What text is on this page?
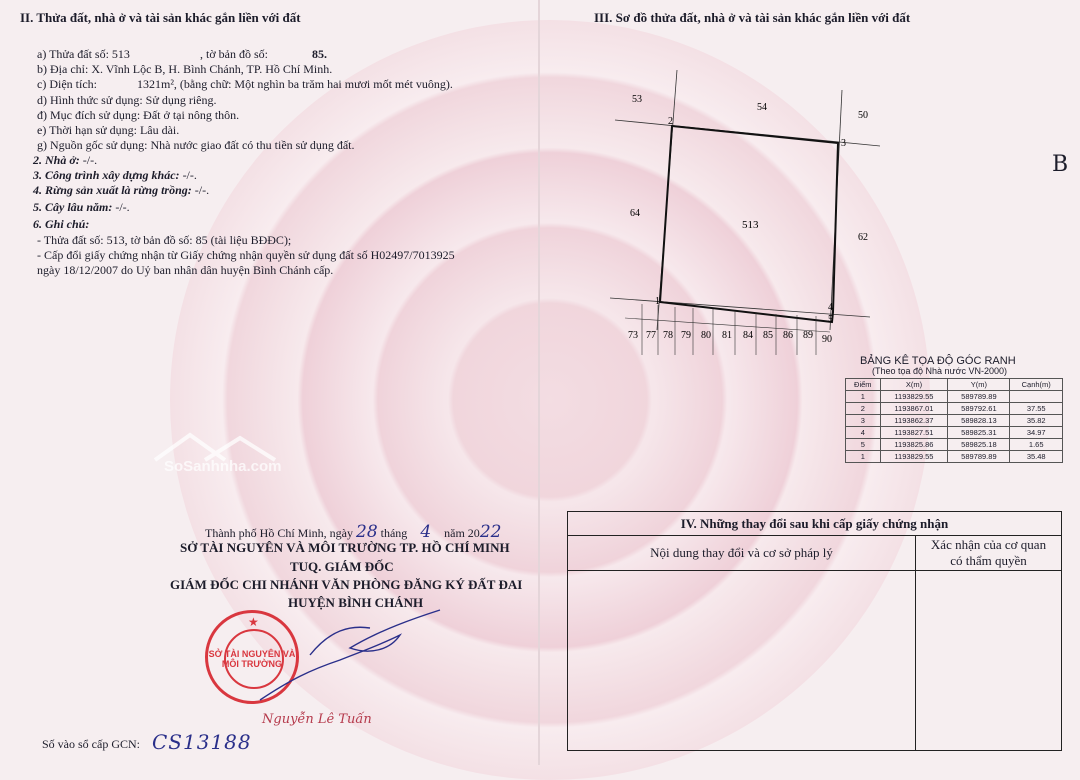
II. Thửa đất, nhà ở và tài sản khác gắn liền với đất
a) Thửa đất số: 513	, tờ bản đồ số:	85.
b) Địa chỉ: X. Vĩnh Lộc B, H. Bình Chánh, TP. Hồ Chí Minh.
c) Diện tích:	1321m², (bằng chữ: Một nghìn ba trăm hai mươi mốt mét vuông).
d) Hình thức sử dụng: Sử dụng riêng.
đ) Mục đích sử dụng: Đất ở tại nông thôn.
e) Thời hạn sử dụng: Lâu dài.
g) Nguồn gốc sử dụng: Nhà nước giao đất có thu tiền sử dụng đất.
2. Nhà ở: -/-.
3. Công trình xây dựng khác: -/-.
4. Rừng sản xuất là rừng trồng: -/-.
5. Cây lâu năm: -/-.
6. Ghi chú:
- Thửa đất số: 513, tờ bản đồ số: 85 (tài liệu BĐĐC);
- Cấp đổi giấy chứng nhận từ Giấy chứng nhận quyền sử dụng đất số H02497/7013925
ngày 18/12/2007 do Uỷ ban nhân dân huyện Bình Chánh cấp.
SoSanhnha.com
Thành phố Hồ Chí Minh, ngày 28 tháng 4 năm 2022
SỞ TÀI NGUYÊN VÀ MÔI TRƯỜNG TP. HỒ CHÍ MINH
TUQ. GIÁM ĐỐC
GIÁM ĐỐC CHI NHÁNH VĂN PHÒNG ĐĂNG KÝ ĐẤT ĐAI
HUYỆN BÌNH CHÁNH
★
SỞ TÀI NGUYÊN VÀ MÔI TRƯỜNG
Nguyễn Lê Tuấn
Số vào sổ cấp GCN: CS13188
III. Sơ đồ thửa đất, nhà ở và tài sản khác gắn liền với đất
B
1
2
3
4
5
53
54
50
64
62
513
73 77 78 79 80 81 84 85 86 89 90
BẢNG KÊ TỌA ĐỘ GÓC RANH
(Theo tọa độ Nhà nước VN-2000)
Điểm	X(m)	Y(m)	Cạnh(m)
1	1193829.55	589789.89	
2	1193867.01	589792.61	37.55
3	1193862.37	589828.13	35.82
4	1193827.51	589825.31	34.97
5	1193825.86	589825.18	1.65
1	1193829.55	589789.89	35.48
IV. Những thay đổi sau khi cấp giấy chứng nhận	
Nội dung thay đổi và cơ sở pháp lý	Xác nhận của cơ quan
có thẩm quyền
